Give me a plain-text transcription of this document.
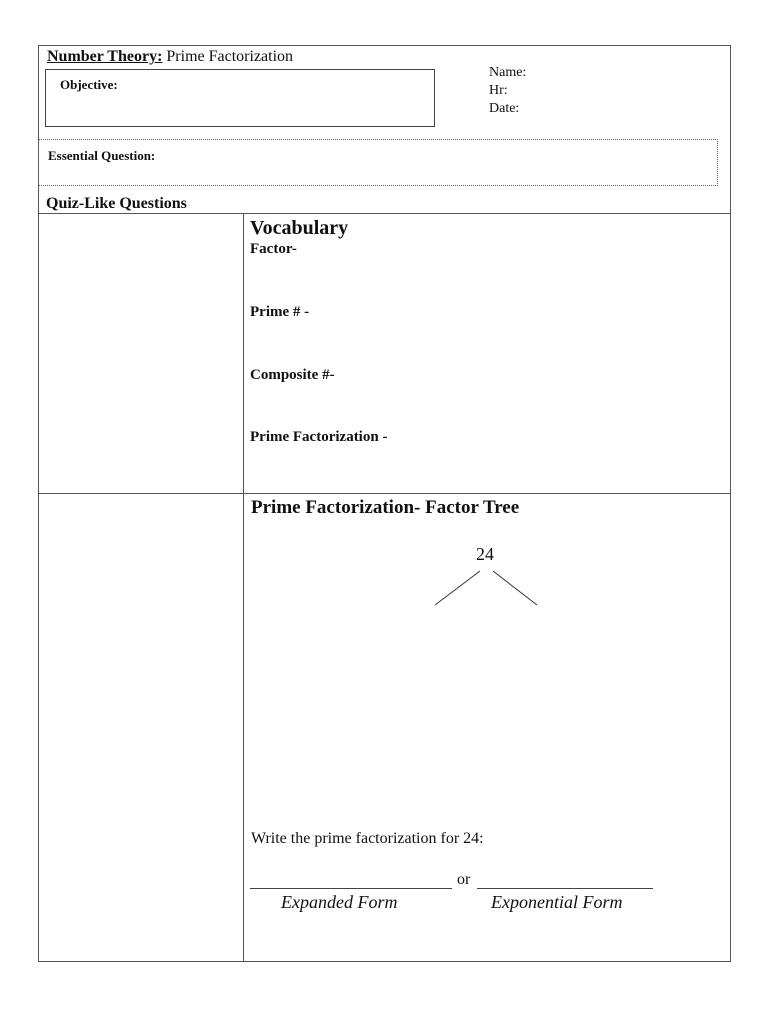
Number Theory: Prime Factorization
Objective:
Name:
Hr:
Date:
Essential Question:
Quiz-Like Questions
Vocabulary
Factor-
Prime # -
Composite #-
Prime Factorization -
Prime Factorization- Factor Tree
24
Write the prime factorization for 24:
or
Expanded Form	Exponential Form
